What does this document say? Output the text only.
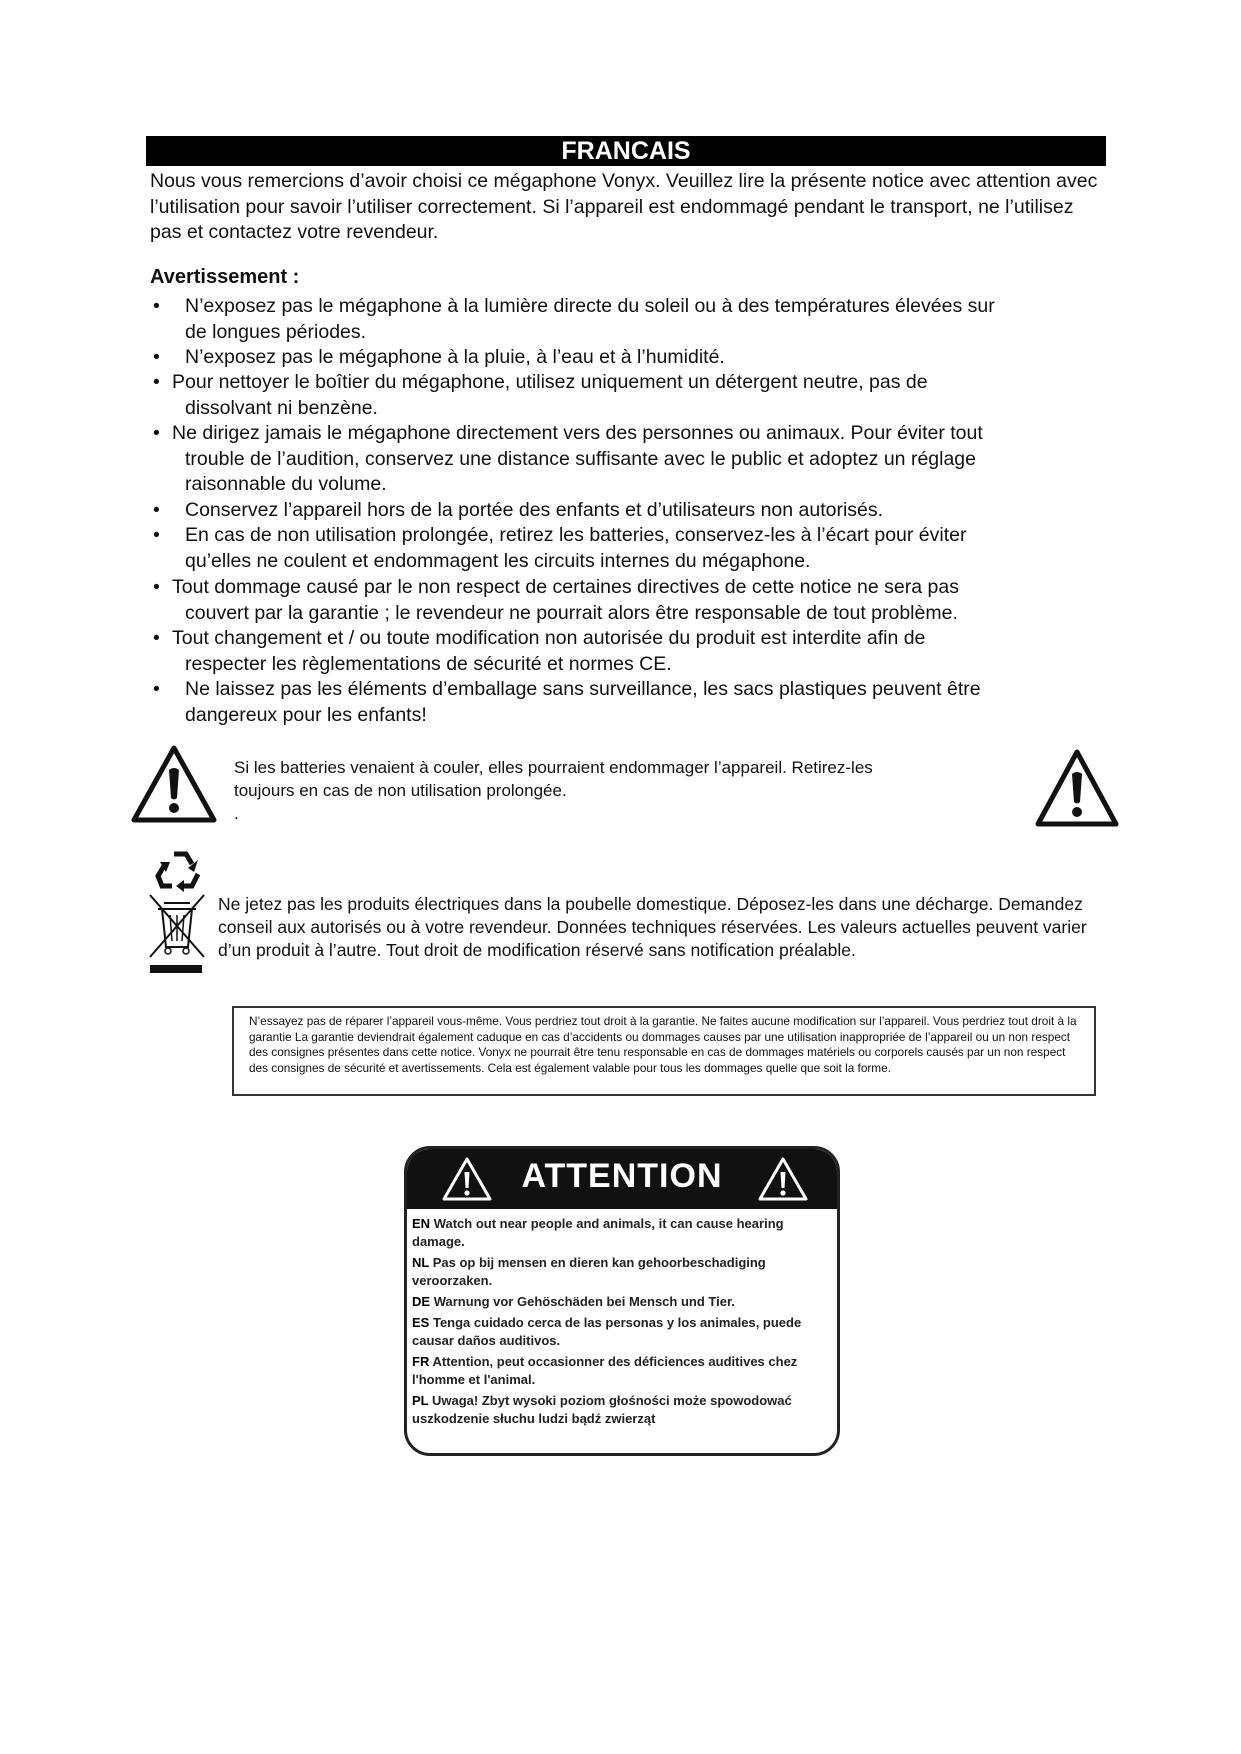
FRANCAIS

Nous vous remercions d’avoir choisi ce mégaphone Vonyx. Veuillez lire la présente notice avec attention avec l’utilisation pour savoir l’utiliser correctement. Si l’appareil est endommagé pendant le transport, ne l’utilisez pas et contactez votre revendeur.

Avertissement :
•	N’exposez pas le mégaphone à la lumière directe du soleil ou à des températures élevées sur
de longues périodes.
•	N’exposez pas le mégaphone à la pluie, à l’eau et à l’humidité.
• Pour nettoyer le boîtier du mégaphone, utilisez uniquement un détergent neutre, pas de
dissolvant ni benzène.
• Ne dirigez jamais le mégaphone directement vers des personnes ou animaux. Pour éviter tout
trouble de l’audition, conservez une distance suffisante avec le public et adoptez un réglage
raisonnable du volume.
•	Conservez l’appareil hors de la portée des enfants et d’utilisateurs non autorisés.
•	En cas de non utilisation prolongée, retirez les batteries, conservez-les à l’écart pour éviter
qu’elles ne coulent et endommagent les circuits internes du mégaphone.
• Tout dommage causé par le non respect de certaines directives de cette notice ne sera pas
couvert par la garantie ; le revendeur ne pourrait alors être responsable de tout problème.
• Tout changement et / ou toute modification non autorisée du produit est interdite afin de
respecter les règlementations de sécurité et normes CE.
•	Ne laissez pas les éléments d’emballage sans surveillance, les sacs plastiques peuvent être
dangereux pour les enfants!
Si les batteries venaient à couler, elles pourraient endommager l’appareil. Retirez-les
toujours en cas de non utilisation prolongée.
.
Ne jetez pas les produits électriques dans la poubelle domestique. Déposez-les dans une décharge. Demandez conseil aux autorisés ou à votre revendeur. Données techniques réservées. Les valeurs actuelles peuvent varier d’un produit à l’autre. Tout droit de modification réservé sans notification préalable.
N’essayez pas de réparer l’appareil vous-même. Vous perdriez tout droit à la garantie. Ne faites aucune modification sur l’appareil. Vous perdriez tout droit à la garantie La garantie deviendrait également caduque en cas d’accidents ou dommages causes par une utilisation inappropriée de l’appareil ou un non respect des consignes présentes dans cette notice. Vonyx ne pourrait être tenu responsable en cas de dommages matériels ou corporels causés par un non respect des consignes de sécurité et avertissements. Cela est également valable pour tous les dommages quelle que soit la forme.
ATTENTION

EN Watch out near people and animals, it can cause hearing damage.

NL Pas op bij mensen en dieren kan gehoorbeschadiging veroorzaken.

DE Warnung vor Gehöschäden bei Mensch und Tier.

ES Tenga cuidado cerca de las personas y los animales, puede causar daños auditivos.

FR Attention, peut occasionner des déficiences auditives chez l'homme et l'animal.

PL Uwaga! Zbyt wysoki poziom głośności może spowodować uszkodzenie słuchu ludzi bądź zwierząt
